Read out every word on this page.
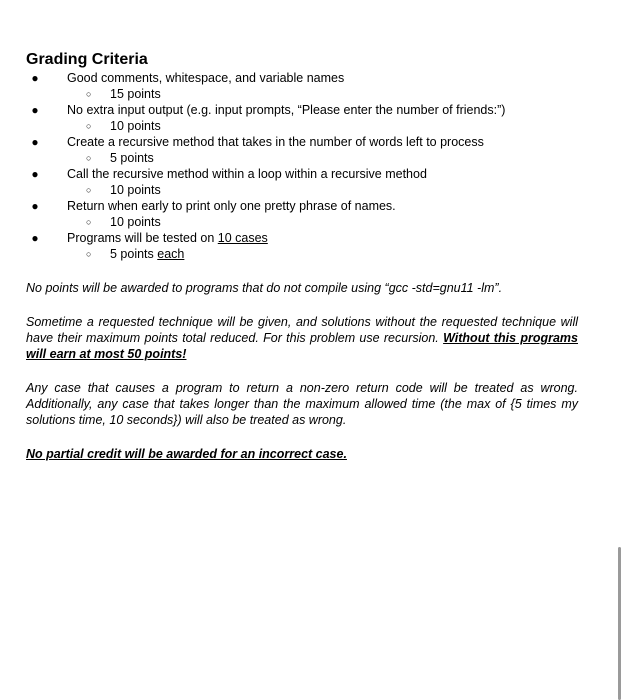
Grading Criteria
● Good comments, whitespace, and variable names
○ 15 points
● No extra input output (e.g. input prompts, “Please enter the number of friends:”)
○ 10 points
● Create a recursive method that takes in the number of words left to process
○ 5 points
● Call the recursive method within a loop within a recursive method
○ 10 points
● Return when early to print only one pretty phrase of names.
○ 10 points
● Programs will be tested on 10 cases
○ 5 points each

No points will be awarded to programs that do not compile using “gcc -std=gnu11 -lm”.

Sometime a requested technique will be given, and solutions without the requested technique will have their maximum points total reduced. For this problem use recursion. Without this programs will earn at most 50 points!

Any case that causes a program to return a non-zero return code will be treated as wrong. Additionally, any case that takes longer than the maximum allowed time (the max of {5 times my solutions time, 10 seconds}) will also be treated as wrong.

No partial credit will be awarded for an incorrect case.
